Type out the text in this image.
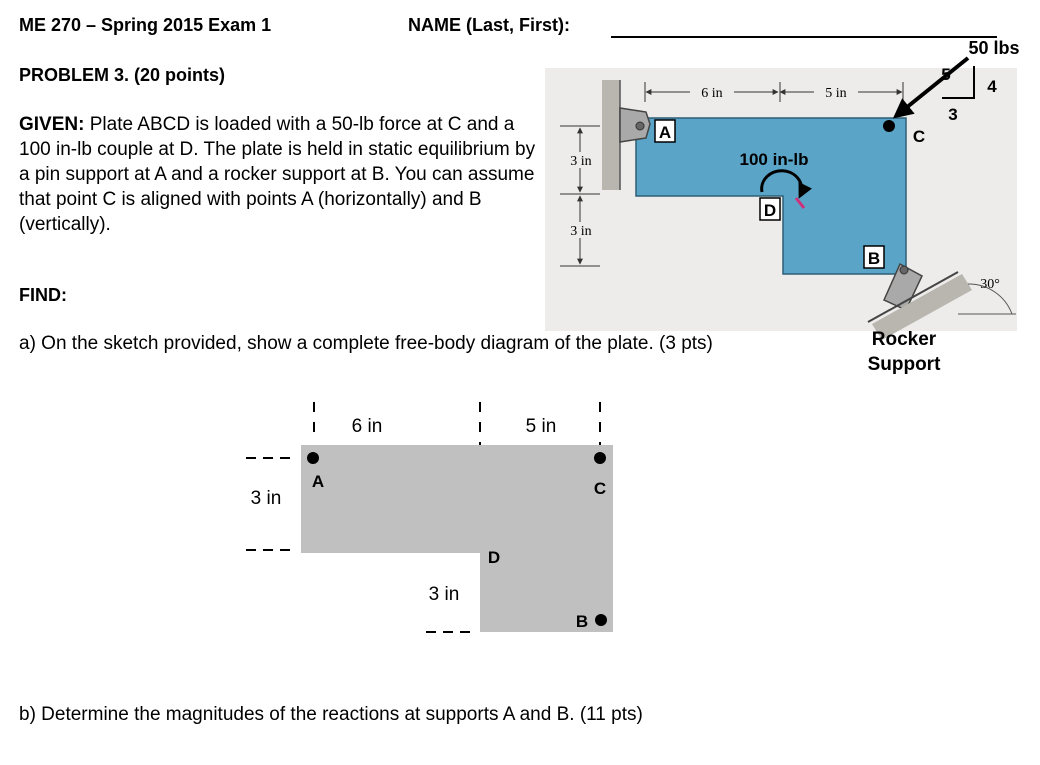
ME 270 – Spring 2015 Exam 1	NAME (Last, First):
PROBLEM 3. (20 points)
GIVEN: Plate ABCD is loaded with a 50-lb force at C and a 100 in-lb couple at D. The plate is held in static equilibrium by a pin support at A and a rocker support at B. You can assume that point C is aligned with points A (horizontally) and B (vertically).
FIND:
a) On the sketch provided, show a complete free-body diagram of the plate. (3 pts)
b) Determine the magnitudes of the reactions at supports A and B. (11 pts)
6 in	5 in
3 in
3 in
A
D
B
C
100 in-lb
50 lbs
5
4
3
30°
Rocker
Support
6 in	5 in
3 in
3 in
A	C
D
B
